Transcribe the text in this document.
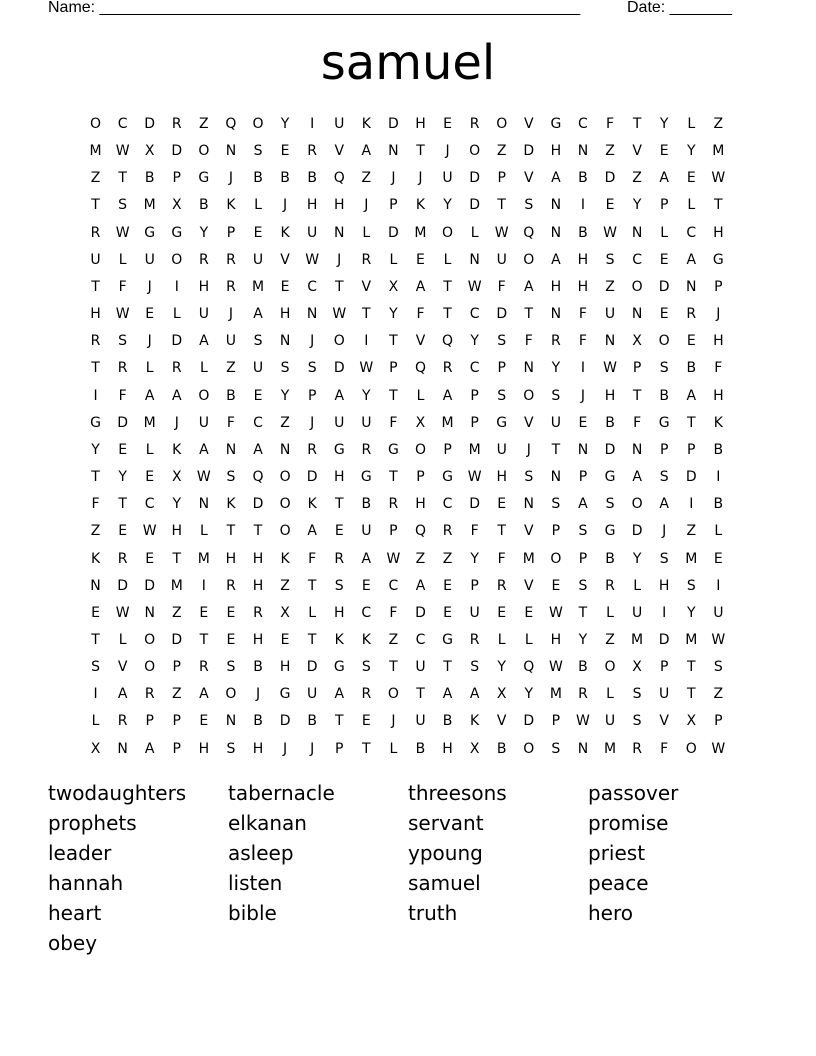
Name: ______________________________________________________	Date: _______
samuel
O	C	D	R	Z	Q	O	Y	I	U	K	D	H	E	R	O	V	G	C	F	T	Y	L	Z
M	W	X	D	O	N	S	E	R	V	A	N	T	J	O	Z	D	H	N	Z	V	E	Y	M
Z	T	B	P	G	J	B	B	B	Q	Z	J	J	U	D	P	V	A	B	D	Z	A	E	W
T	S	M	X	B	K	L	J	H	H	J	P	K	Y	D	T	S	N	I	E	Y	P	L	T
R	W	G	G	Y	P	E	K	U	N	L	D	M	O	L	W	Q	N	B	W	N	L	C	H
U	L	U	O	R	R	U	V	W	J	R	L	E	L	N	U	O	A	H	S	C	E	A	G
T	F	J	I	H	R	M	E	C	T	V	X	A	T	W	F	A	H	H	Z	O	D	N	P
H	W	E	L	U	J	A	H	N	W	T	Y	F	T	C	D	T	N	F	U	N	E	R	J
R	S	J	D	A	U	S	N	J	O	I	T	V	Q	Y	S	F	R	F	N	X	O	E	H
T	R	L	R	L	Z	U	S	S	D	W	P	Q	R	C	P	N	Y	I	W	P	S	B	F
I	F	A	A	O	B	E	Y	P	A	Y	T	L	A	P	S	O	S	J	H	T	B	A	H
G	D	M	J	U	F	C	Z	J	U	U	F	X	M	P	G	V	U	E	B	F	G	T	K
Y	E	L	K	A	N	A	N	R	G	R	G	O	P	M	U	J	T	N	D	N	P	P	B
T	Y	E	X	W	S	Q	O	D	H	G	T	P	G	W	H	S	N	P	G	A	S	D	I
F	T	C	Y	N	K	D	O	K	T	B	R	H	C	D	E	N	S	A	S	O	A	I	B
Z	E	W	H	L	T	T	O	A	E	U	P	Q	R	F	T	V	P	S	G	D	J	Z	L
K	R	E	T	M	H	H	K	F	R	A	W	Z	Z	Y	F	M	O	P	B	Y	S	M	E
N	D	D	M	I	R	H	Z	T	S	E	C	A	E	P	R	V	E	S	R	L	H	S	I
E	W	N	Z	E	E	R	X	L	H	C	F	D	E	U	E	E	W	T	L	U	I	Y	U
T	L	O	D	T	E	H	E	T	K	K	Z	C	G	R	L	L	H	Y	Z	M	D	M	W
S	V	O	P	R	S	B	H	D	G	S	T	U	T	S	Y	Q	W	B	O	X	P	T	S
I	A	R	Z	A	O	J	G	U	A	R	O	T	A	A	X	Y	M	R	L	S	U	T	Z
L	R	P	P	E	N	B	D	B	T	E	J	U	B	K	V	D	P	W	U	S	V	X	P
X	N	A	P	H	S	H	J	J	P	T	L	B	H	X	B	O	S	N	M	R	F	O	W
twodaughters	tabernacle	threesons	passover
prophets	elkanan	servant	promise
leader	asleep	ypoung	priest
hannah	listen	samuel	peace
heart	bible	truth	hero
obey
